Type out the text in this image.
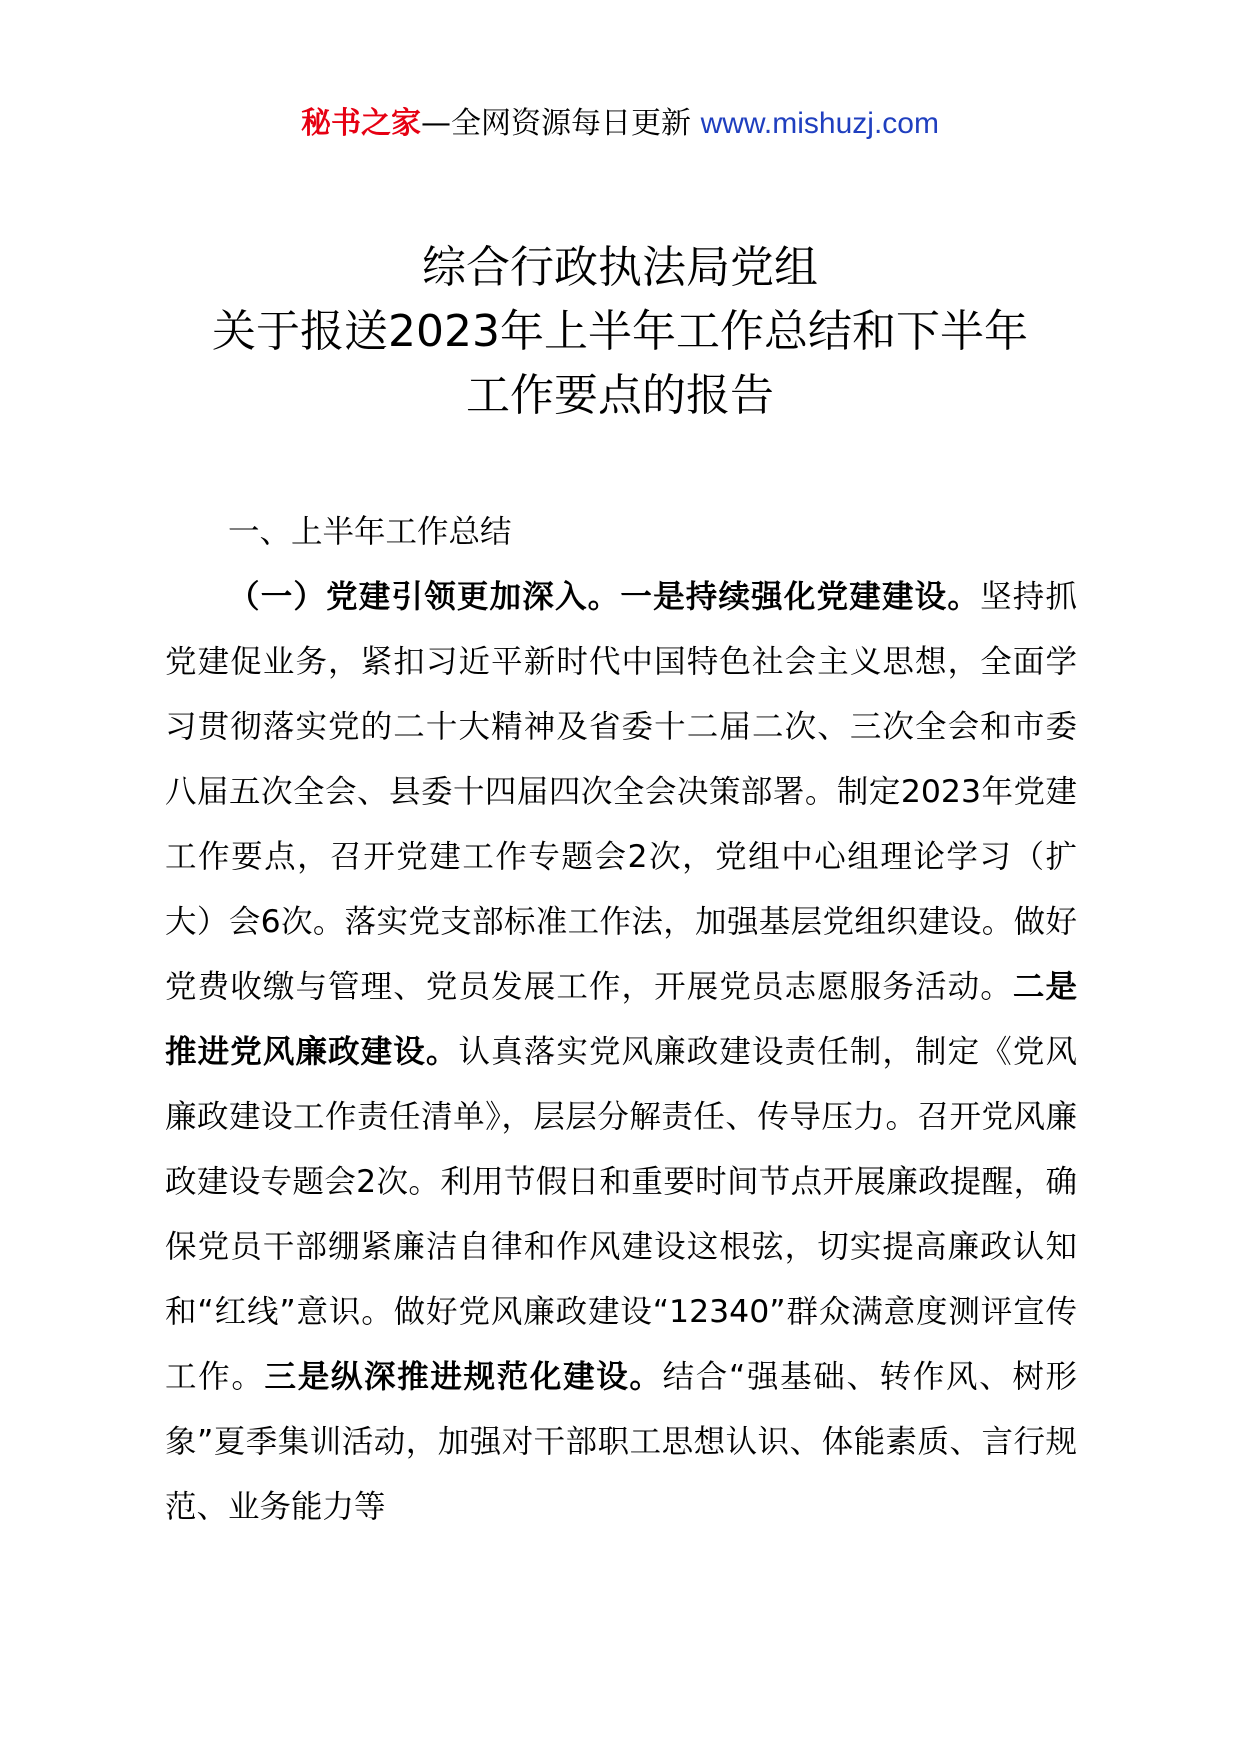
秘书之家—全网资源每日更新 www.mishuzj.com
综合行政执法局党组
关于报送2023年上半年工作总结和下半年
工作要点的报告

一、上半年工作总结

（一）党建引领更加深入。一是持续强化党建建设。坚持抓党建促业务，紧扣习近平新时代中国特色社会主义思想，全面学习贯彻落实党的二十大精神及省委十二届二次、三次全会和市委八届五次全会、县委十四届四次全会决策部署。制定2023年党建工作要点，召开党建工作专题会2次，党组中心组理论学习（扩大）会6次。落实党支部标准工作法，加强基层党组织建设。做好党费收缴与管理、党员发展工作，开展党员志愿服务活动。二是推进党风廉政建设。认真落实党风廉政建设责任制，制定《党风廉政建设工作责任清单》，层层分解责任、传导压力。召开党风廉政建设专题会2次。利用节假日和重要时间节点开展廉政提醒，确保党员干部绷紧廉洁自律和作风建设这根弦，切实提高廉政认知和“红线”意识。做好党风廉政建设“12340”群众满意度测评宣传工作。三是纵深推进规范化建设。结合“强基础、转作风、树形象”夏季集训活动，加强对干部职工思想认识、体能素质、言行规范、业务能力等
